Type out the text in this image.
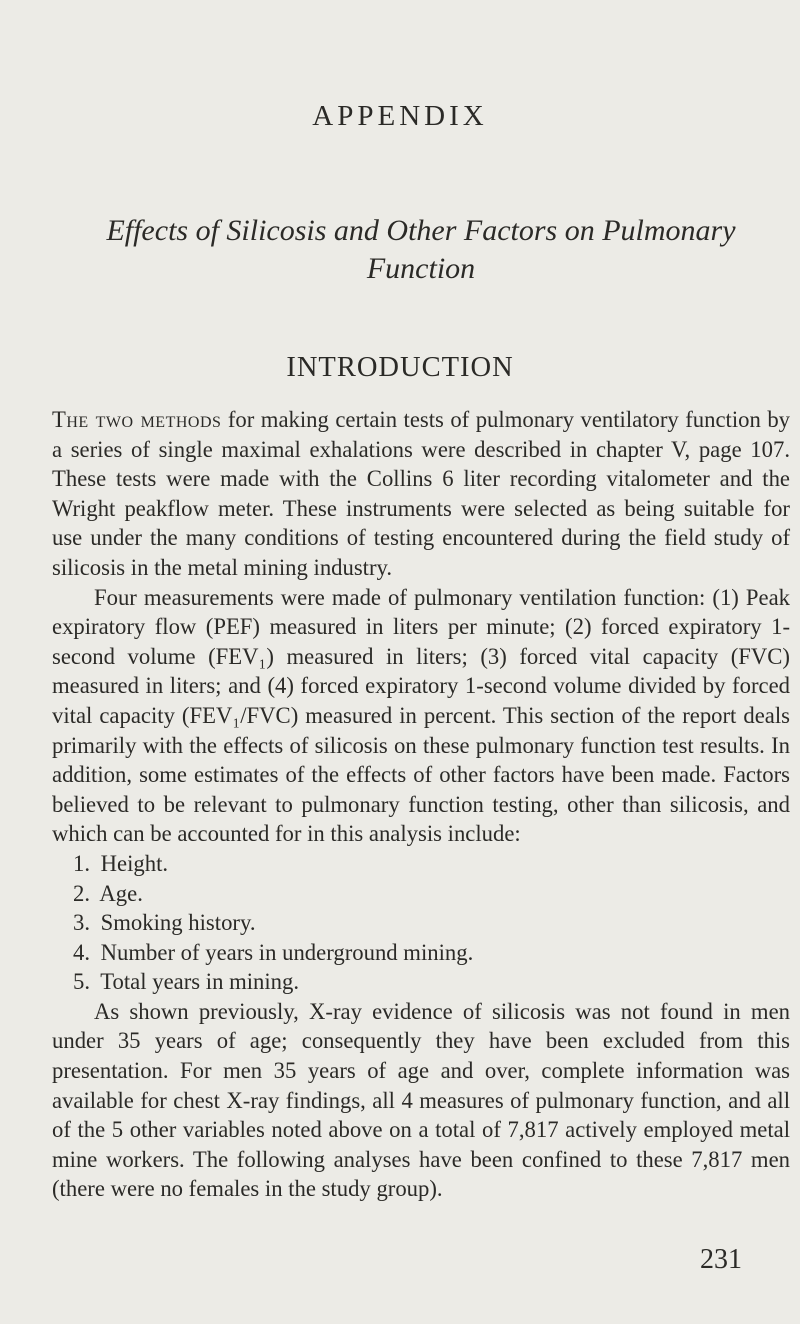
APPENDIX
Effects of Silicosis and Other Factors on Pulmonary Function
INTRODUCTION

The two methods for making certain tests of pulmonary ventilatory function by a series of single maximal exhalations were described in chapter V, page 107. These tests were made with the Collins 6 liter recording vitalometer and the Wright peakflow meter. These instruments were selected as being suitable for use under the many conditions of testing encountered during the field study of silicosis in the metal mining industry.

Four measurements were made of pulmonary ventilation function: (1) Peak expiratory flow (PEF) measured in liters per minute; (2) forced expiratory 1-second volume (FEV₁) measured in liters; (3) forced vital capacity (FVC) measured in liters; and (4) forced expiratory 1-second volume divided by forced vital capacity (FEV₁/FVC) measured in percent. This section of the report deals primarily with the effects of silicosis on these pulmonary function test results. In addition, some estimates of the effects of other factors have been made. Factors believed to be relevant to pulmonary function testing, other than silicosis, and which can be accounted for in this analysis include:

1. Height.
2. Age.
3. Smoking history.
4. Number of years in underground mining.
5. Total years in mining.

As shown previously, X-ray evidence of silicosis was not found in men under 35 years of age; consequently they have been excluded from this presentation. For men 35 years of age and over, complete information was available for chest X-ray findings, all 4 measures of pulmonary function, and all of the 5 other variables noted above on a total of 7,817 actively employed metal mine workers. The following analyses have been confined to these 7,817 men (there were no females in the study group).

231
